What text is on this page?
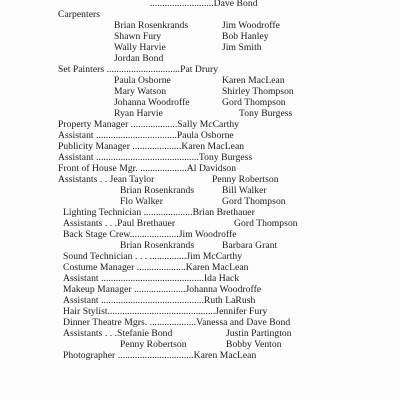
..........................Dave Bond
Carpenters
Brian Rosenkrands	Jim Woodroffe
Shawn Fury	Bob Hanley
Wally Harvie	Jim Smith
Jordan Bond
Set Painters ..............................Pat Drury
Paula Osborne	Karen MacLean
Mary Watson	Shirley Thompson
Johanna Woodroffe	Gord Thompson
Ryan Harvie	Tony Burgess
Property Manager ...................Sally McCarthy
Assistant .................................Paula Osborne
Publicity Manager ....................Karen MacLean
Assistant ..........................................Tony Burgess
Front of House Mgr. ...................Al Davidson
Assistants . . Jean Taylor	Penny Robertson
Brian Rosenkrands	Bill Walker
Flo Walker	Gord Thompson
Lighting Technician ....................Brian Brethauer
Assistants . . .Paul Brethauer	Gord Thompson
Back Stage Crew....................Jim Woodroffe
Brian Rosenkrands	Barbara Grant
Sound Technician . . . ...............Jim McCarthy
Costume Manager ....................Karen MacLean
Assistant ..........................................Ida Hack
Makeup Manager .....................Johanna Woodroffe
Assistant ..........................................Ruth LaRush
Hair Stylist............................................Jennifer Fury
Dinner Theatre Mgrs. ...................Vanessa and Dave Bond
Assistants . . .Stefanie Bond	Justin Partington
Penny Robertson	Bobby Venton
Photographer ...............................Karen MacLean
